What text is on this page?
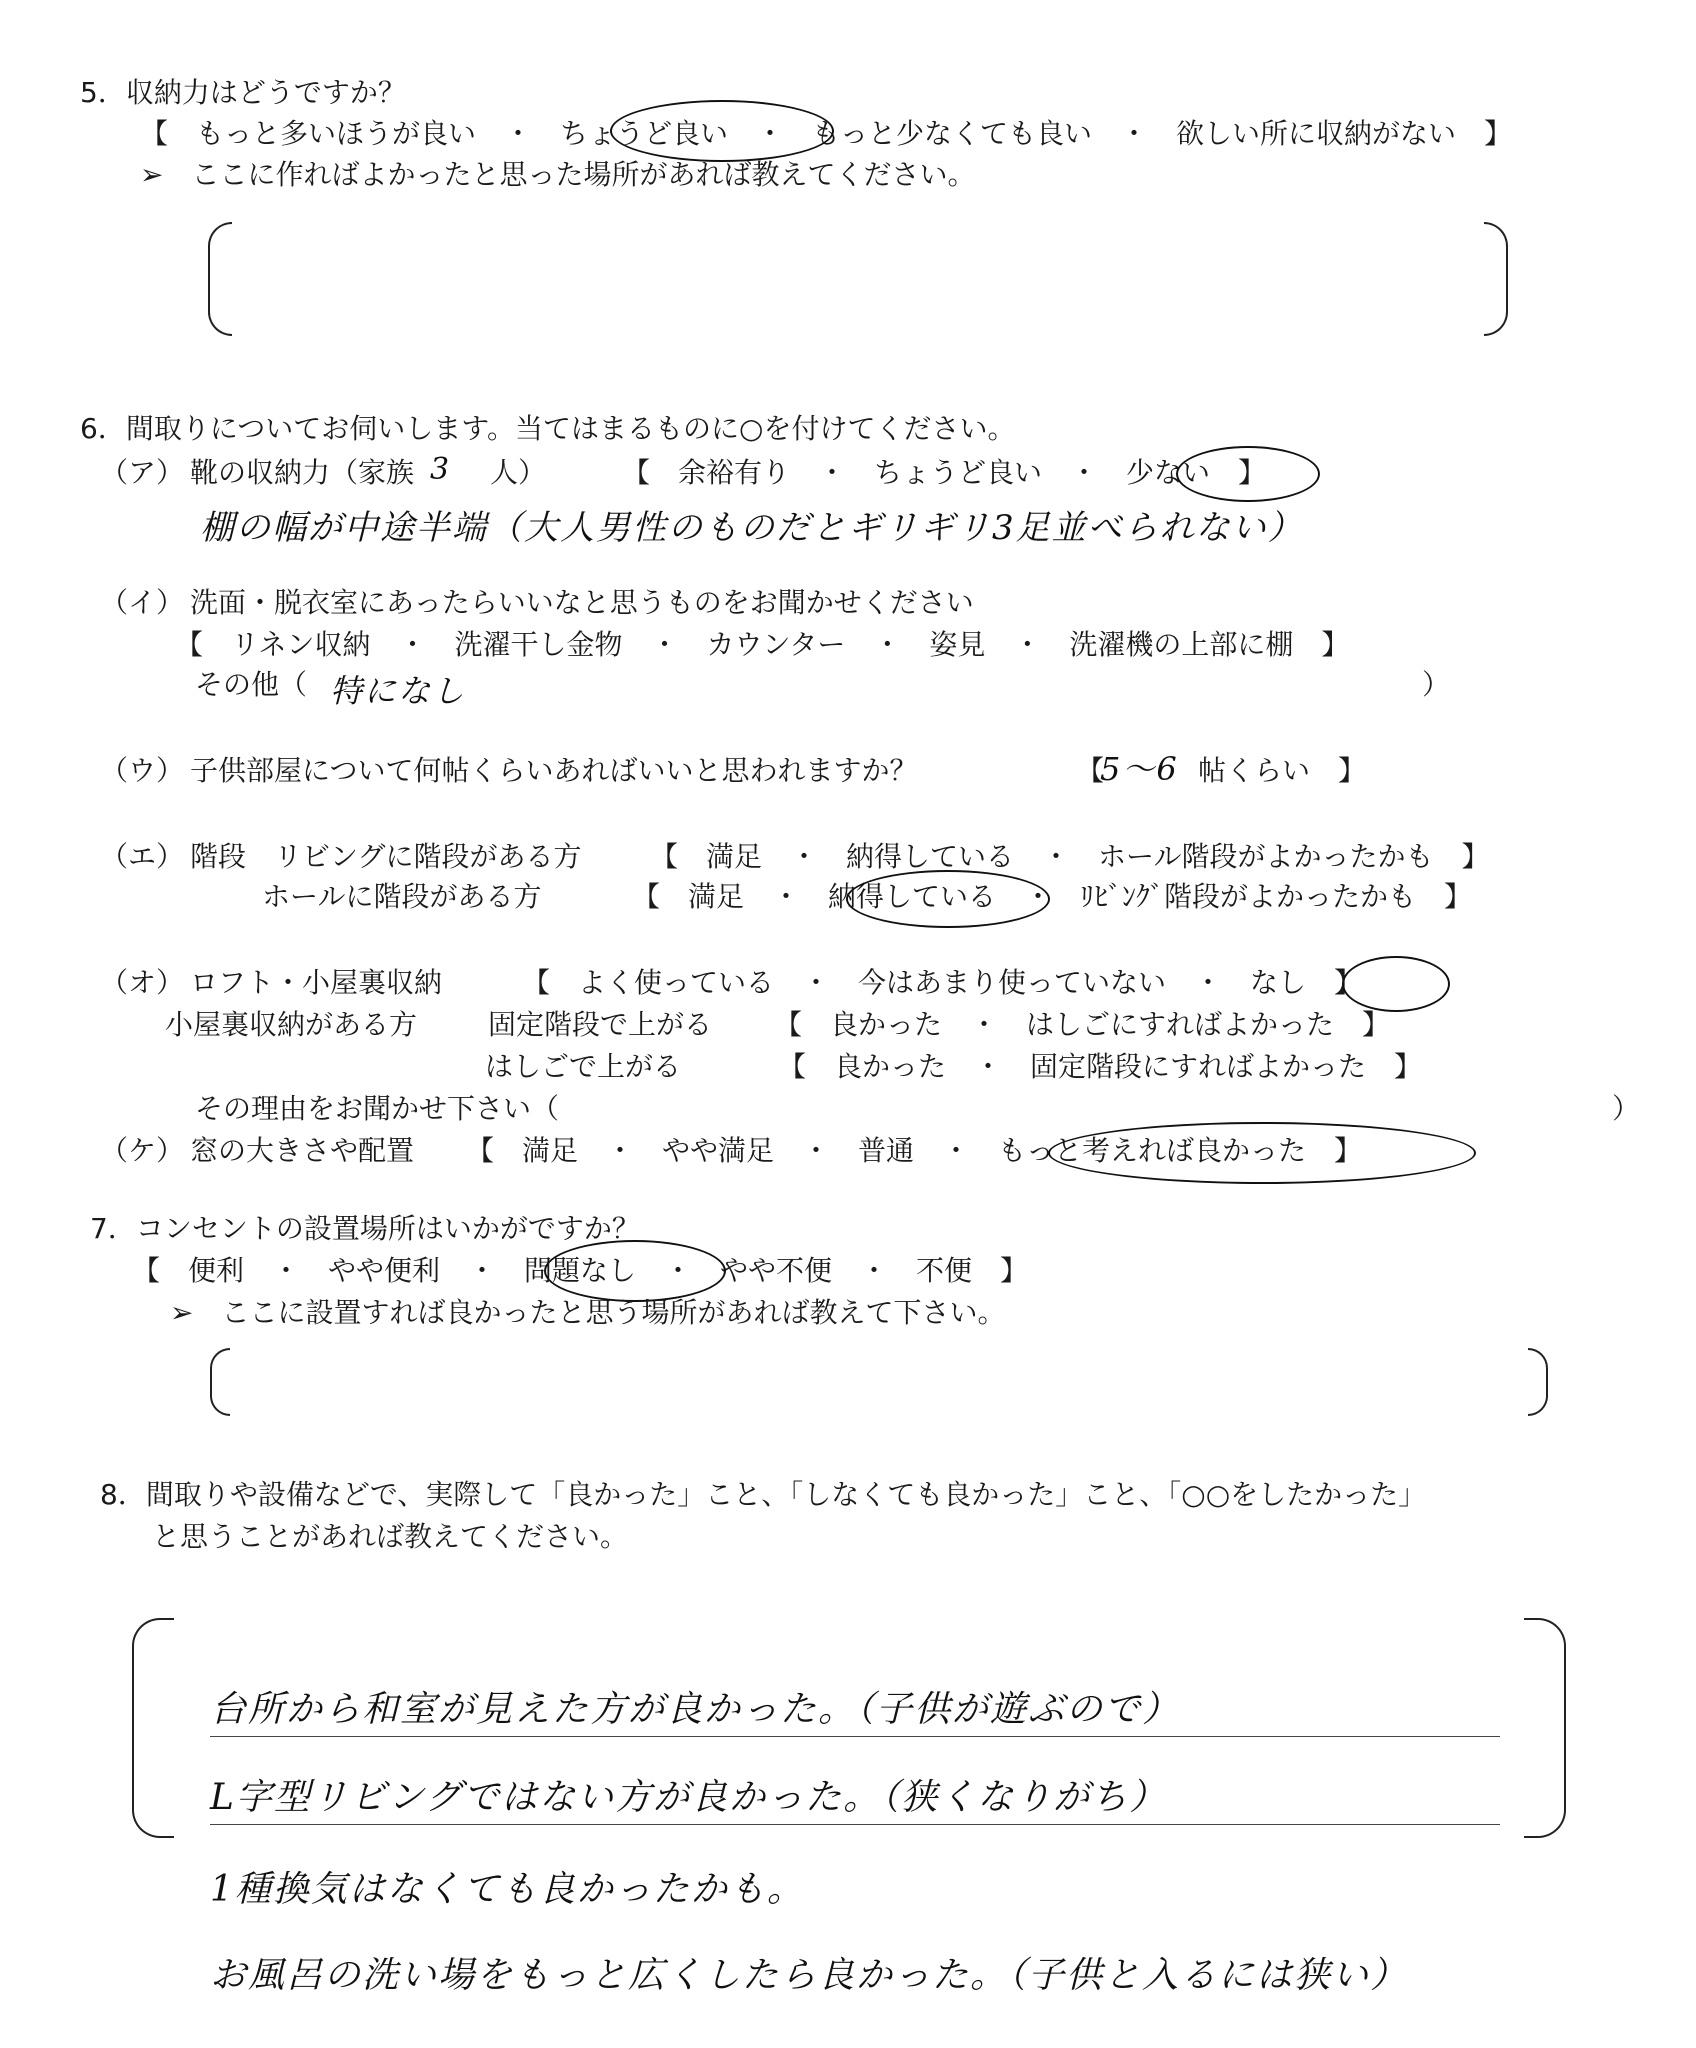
5．収納力はどうですか？
【　もっと多いほうが良い　・　ちょうど良い　・　もっと少なくても良い　・　欲しい所に収納がない　】
➢　ここに作ればよかったと思った場所があれば教えてください。
6．間取りについてお伺いします。当てはまるものに○を付けてください。
（ア） 靴の収納力（家族 3 人）	【　余裕有り　・　ちょうど良い　・　少ない　】
棚の幅が中途半端（大人男性のものだとギリギリ3足並べられない）
（イ） 洗面・脱衣室にあったらいいなと思うものをお聞かせください
【　リネン収納　・　洗濯干し金物　・　カウンター　・　姿見　・　洗濯機の上部に棚　】
その他（ 特になし	）
（ウ） 子供部屋について何帖くらいあればいいと思われますか？	【
5～6 帖くらい　】
（エ） 階段　リビングに階段がある方 【　満足　・　納得している　・　ホール階段がよかったかも　】
ホールに階段がある方	【　満足　・　納得している　・　ﾘﾋﾞﾝｸﾞ階段がよかったかも　】
（オ） ロフト・小屋裏収納	【　よく使っている　・　今はあまり使っていない　・　なし　】
小屋裏収納がある方	固定階段で上がる 【　良かった　・　はしごにすればよかった　】
はしごで上がる	【　良かった　・　固定階段にすればよかった　】
その理由をお聞かせ下さい（	）
（ケ） 窓の大きさや配置 【　満足　・　やや満足　・　普通　・　もっと考えれば良かった　】
7．コンセントの設置場所はいかがですか？
【　便利　・　やや便利　・　問題なし　・　やや不便　・　不便　】
➢　ここに設置すれば良かったと思う場所があれば教えて下さい。
8．間取りや設備などで、実際して「良かった」こと、「しなくても良かった」こと、「○○をしたかった」
と思うことがあれば教えてください。
台所から和室が見えた方が良かった。（子供が遊ぶので）
L字型リビングではない方が良かった。（狭くなりがち）
1種換気はなくても良かったかも。
お風呂の洗い場をもっと広くしたら良かった。（子供と入るには狭い）
